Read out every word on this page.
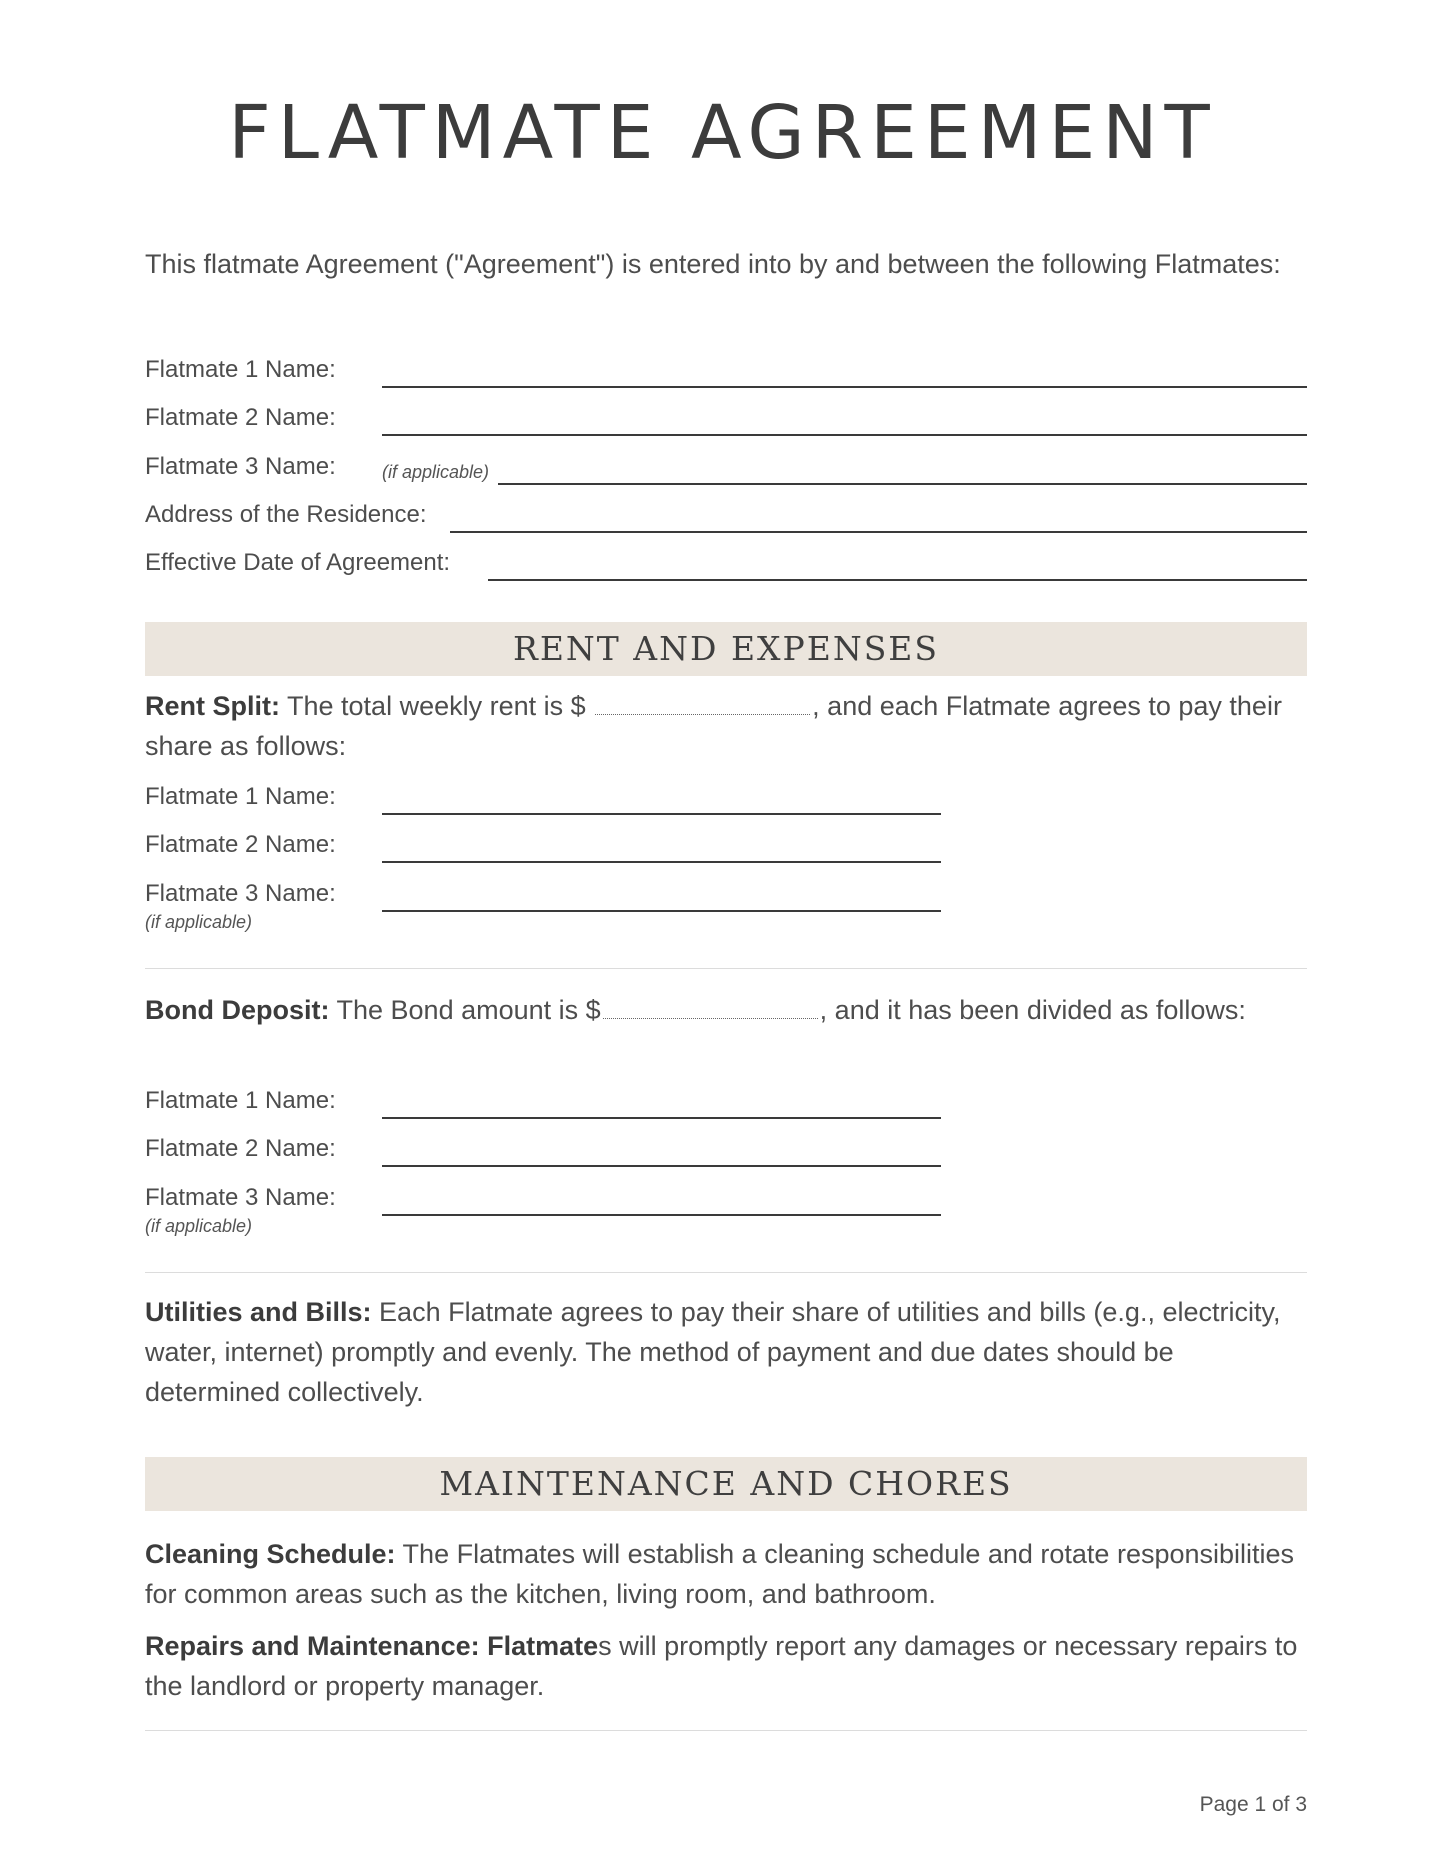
FLATMATE AGREEMENT
This flatmate Agreement ("Agreement") is entered into by and between the following Flatmates:
Flatmate 1 Name:
Flatmate 2 Name:
Flatmate 3 Name:	(if applicable)
Address of the Residence:
Effective Date of Agreement:
RENT AND EXPENSES
Rent Split: The total weekly rent is $	, and each Flatmate agrees to pay their share as follows:
Flatmate 1 Name:
Flatmate 2 Name:
Flatmate 3 Name:
(if applicable)
Bond Deposit: The Bond amount is $	, and it has been divided as follows:
Flatmate 1 Name:
Flatmate 2 Name:
Flatmate 3 Name:
(if applicable)
Utilities and Bills: Each Flatmate agrees to pay their share of utilities and bills (e.g., electricity, water, internet) promptly and evenly. The method of payment and due dates should be determined collectively.
MAINTENANCE AND CHORES
Cleaning Schedule: The Flatmates will establish a cleaning schedule and rotate responsibilities for common areas such as the kitchen, living room, and bathroom.
Repairs and Maintenance: Flatmates will promptly report any damages or necessary repairs to the landlord or property manager.
Page 1 of 3
